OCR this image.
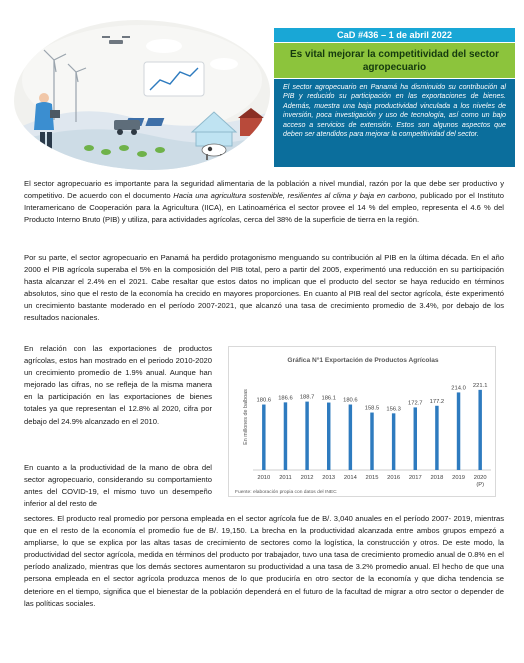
CaD #436 – 1 de abril 2022
Es vital mejorar la competitividad del sector agropecuario
El sector agropecuario en Panamá ha disminuido su contribución al PIB y reducido su participación en las exportaciones de bienes. Además, muestra una baja productividad vinculada a los niveles de inversión, poca investigación y uso de tecnología, así como un bajo acceso a servicios de extensión. Estos son algunos aspectos que deben ser atendidos para mejorar la competitividad del sector.

El sector agropecuario es importante para la seguridad alimentaria de la población a nivel mundial, razón por la que debe ser productivo y competitivo. De acuerdo con el documento Hacia una agricultura sostenible, resilientes al clima y baja en carbono, publicado por el Instituto Interamericano de Cooperación para la Agricultura (IICA), en Latinoamérica el sector provee el 14 % del empleo, representa el 4.6 % del Producto Interno Bruto (PIB) y utiliza, para actividades agrícolas, cerca del 38% de la superficie de tierra en la región.

Por su parte, el sector agropecuario en Panamá ha perdido protagonismo menguando su contribución al PIB en la última década. En el año 2000 el PIB agrícola superaba el 5% en la composición del PIB total, pero a partir del 2005, experimentó una reducción en su participación hasta alcanzar el 2.4% en el 2021. Cabe resaltar que estos datos no implican que el producto del sector se haya reducido en términos absolutos, sino que el resto de la economía ha crecido en mayores proporciones. En cuanto al PIB real del sector agrícola, éste experimentó un crecimiento bastante moderado en el período 2007-2021, que alcanzó una tasa de crecimiento promedio de 3.4%, por debajo de los resultados nacionales.

En relación con las exportaciones de productos agrícolas, estos han mostrado en el periodo 2010-2020 un crecimiento promedio de 1.9% anual. Aunque han mejorado las cifras, no se refleja de la misma manera en la participación en las exportaciones de bienes totales ya que representan el 12.8% al 2020, cifra por debajo del 24.9% alcanzado en el 2010.

En cuanto a la productividad de la mano de obra del sector agropecuario, considerando su comportamiento antes del COVID-19, el mismo tuvo un desempeño inferior al del resto de

sectores. El producto real promedio por persona empleada en el sector agrícola fue de B/. 3,040 anuales en el período 2007- 2019, mientras que en el resto de la economía el promedio fue de B/. 19,150. La brecha en la productividad alcanzada entre ambos grupos empezó a ampliarse, lo que se explica por las altas tasas de crecimiento de sectores como la logística, la construcción y otros. De este modo, la productividad del sector agrícola, medida en términos del producto por trabajador, tuvo una tasa de crecimiento promedio anual de 0.8% en el período analizado, mientras que los demás sectores aumentaron su productividad a una tasa de 3.2% promedio anual. El hecho de que una persona empleada en el sector agrícola produzca menos de lo que produciría en otro sector de la economía y que dicha tendencia se deteriore en el tiempo, significa que el bienestar de la población dependerá en el futuro de la facultad de migrar a otro sector o depender de las políticas sociales.

Gráfica N°1 Exportación de Productos Agrícolas
En millones de balboas 180.6
2010
186.6
2011
188.7
2012
186.1
2013
180.6
2014
158.5
2015
156.3
2016
172.7
2017
177.2
2018
214.0
2019
221.1
2020
(P)
Fuente: elaboración propia con datos del INEC
